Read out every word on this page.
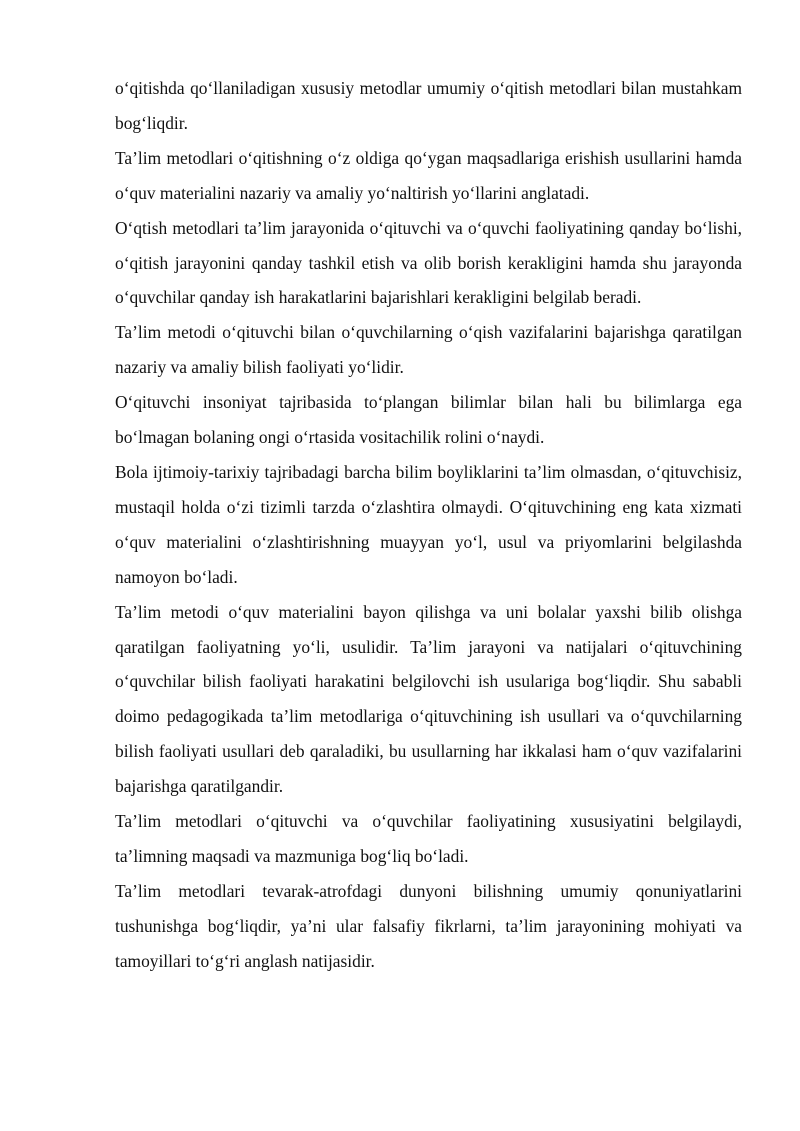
o‘qitishda qo‘llaniladigan xususiy metodlar umumiy o‘qitish metodlari bilan mustahkam bog‘liqdir.

Ta’lim metodlari o‘qitishning o‘z oldiga qo‘ygan maqsadlariga erishish usullarini hamda o‘quv materialini nazariy va amaliy yo‘naltirish yo‘llarini anglatadi.

O‘qtish metodlari ta’lim jarayonida o‘qituvchi va o‘quvchi faoliyatining qanday bo‘lishi, o‘qitish jarayonini qanday tashkil etish va olib borish kerakligini hamda shu jarayonda o‘quvchilar qanday ish harakatlarini bajarishlari kerakligini belgilab beradi.

Ta’lim metodi o‘qituvchi bilan o‘quvchilarning o‘qish vazifalarini bajarishga qaratilgan nazariy va amaliy bilish faoliyati yo‘lidir.

O‘qituvchi insoniyat tajribasida to‘plangan bilimlar bilan hali bu bilimlarga ega bo‘lmagan bolaning ongi o‘rtasida vositachilik rolini o‘naydi.

Bola ijtimoiy-tarixiy tajribadagi barcha bilim boyliklarini ta’lim olmasdan, o‘qituvchisiz, mustaqil holda o‘zi tizimli tarzda o‘zlashtira olmaydi. O‘qituvchining eng kata xizmati o‘quv materialini o‘zlashtirishning muayyan yo‘l, usul va priyomlarini belgilashda namoyon bo‘ladi.

Ta’lim metodi o‘quv materialini bayon qilishga va uni bolalar yaxshi bilib olishga qaratilgan faoliyatning yo‘li, usulidir. Ta’lim jarayoni va natijalari o‘qituvchining o‘quvchilar bilish faoliyati harakatini belgilovchi ish usulariga bog‘liqdir. Shu sababli doimo pedagogikada ta’lim metodlariga o‘qituvchining ish usullari va o‘quvchilarning bilish faoliyati usullari deb qaraladiki, bu usullarning har ikkalasi ham o‘quv vazifalarini bajarishga qaratilgandir.

Ta’lim metodlari o‘qituvchi va o‘quvchilar faoliyatining xususiyatini belgilaydi, ta’limning maqsadi va mazmuniga bog‘liq bo‘ladi.

Ta’lim metodlari tevarak-atrofdagi dunyoni bilishning umumiy qonuniyatlarini tushunishga bog‘liqdir, ya’ni ular falsafiy fikrlarni, ta’lim jarayonining mohiyati va tamoyillari to‘g‘ri anglash natijasidir.
